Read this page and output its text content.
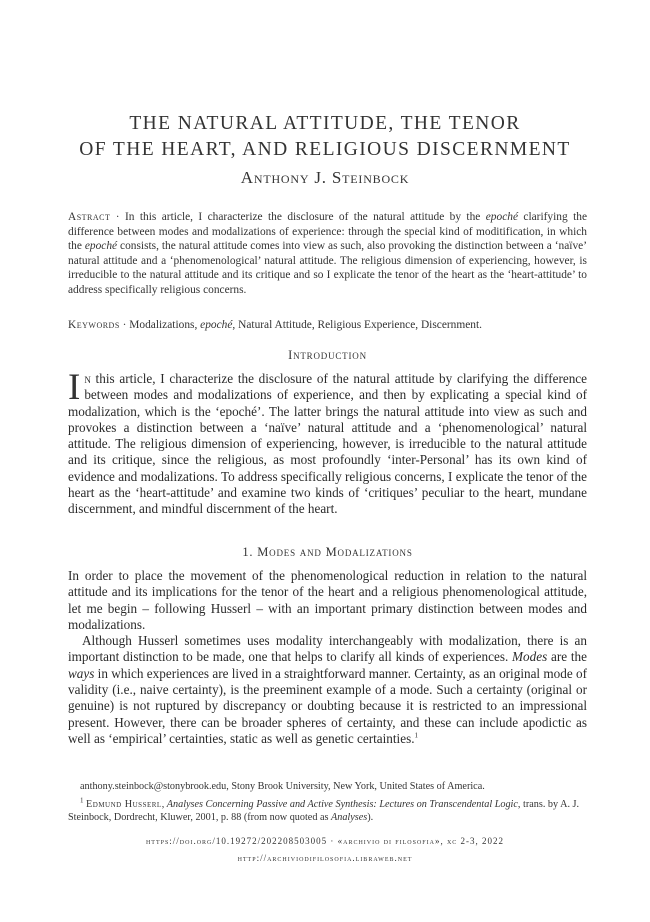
THE NATURAL ATTITUDE, THE TENOR
OF THE HEART, AND RELIGIOUS DISCERNMENT
Anthony J. Steinbock
Astract · In this article, I characterize the disclosure of the natural attitude by the epoché clarifying the difference between modes and modalizations of experience: through the special kind of moditification, in which the epoché consists, the natural attitude comes into view as such, also provoking the distinction between a ‘naïve’ natural attitude and a ‘phenomenological’ natural attitude. The religious dimension of experiencing, however, is irreducible to the natural attitude and its critique and so I explicate the tenor of the heart as the ‘heart-attitude’ to address specifically religious concerns.
Keywords · Modalizations, epoché, Natural Attitude, Religious Experience, Discernment.
Introduction

In this article, I characterize the disclosure of the natural attitude by clarifying the difference between modes and modalizations of experience, and then by explicating a special kind of modalization, which is the ‘epoché’. The latter brings the natural attitude into view as such and provokes a distinction between a ‘naïve’ natural attitude and a ‘phenomenological’ natural attitude. The religious dimension of experiencing, however, is irreducible to the natural attitude and its critique, since the religious, as most profoundly ‘inter-Personal’ has its own kind of evidence and modalizations. To address specifically religious concerns, I explicate the tenor of the heart as the ‘heart-attitude’ and examine two kinds of ‘critiques’ peculiar to the heart, mundane discernment, and mindful discernment of the heart.

1. Modes and Modalizations

In order to place the movement of the phenomenological reduction in relation to the natural attitude and its implications for the tenor of the heart and a religious phenomenological attitude, let me begin – following Husserl – with an important primary distinction between modes and modalizations.

Although Husserl sometimes uses modality interchangeably with modalization, there is an important distinction to be made, one that helps to clarify all kinds of experiences. Modes are the ways in which experiences are lived in a straightforward manner. Certainty, as an original mode of validity (i.e., naive certainty), is the preeminent example of a mode. Such a certainty (original or genuine) is not ruptured by discrepancy or doubting because it is restricted to an impressional present. However, there can be broader spheres of certainty, and these can include apodictic as well as ‘empirical’ certainties, static as well as genetic certainties.$^1$

anthony.steinbock@stonybrook.edu, Stony Brook University, New York, United States of America.

$^1$ Edmund Husserl, Analyses Concerning Passive and Active Synthesis: Lectures on Transcendental Logic, trans. by A. J. Steinbock, Dordrecht, Kluwer, 2001, p. 88 (from now quoted as Analyses).

https://doi.org/10.19272/202208503005 · «archivio di filosofia», xc 2-3, 2022
http://archiviodifilosofia.libraweb.net
